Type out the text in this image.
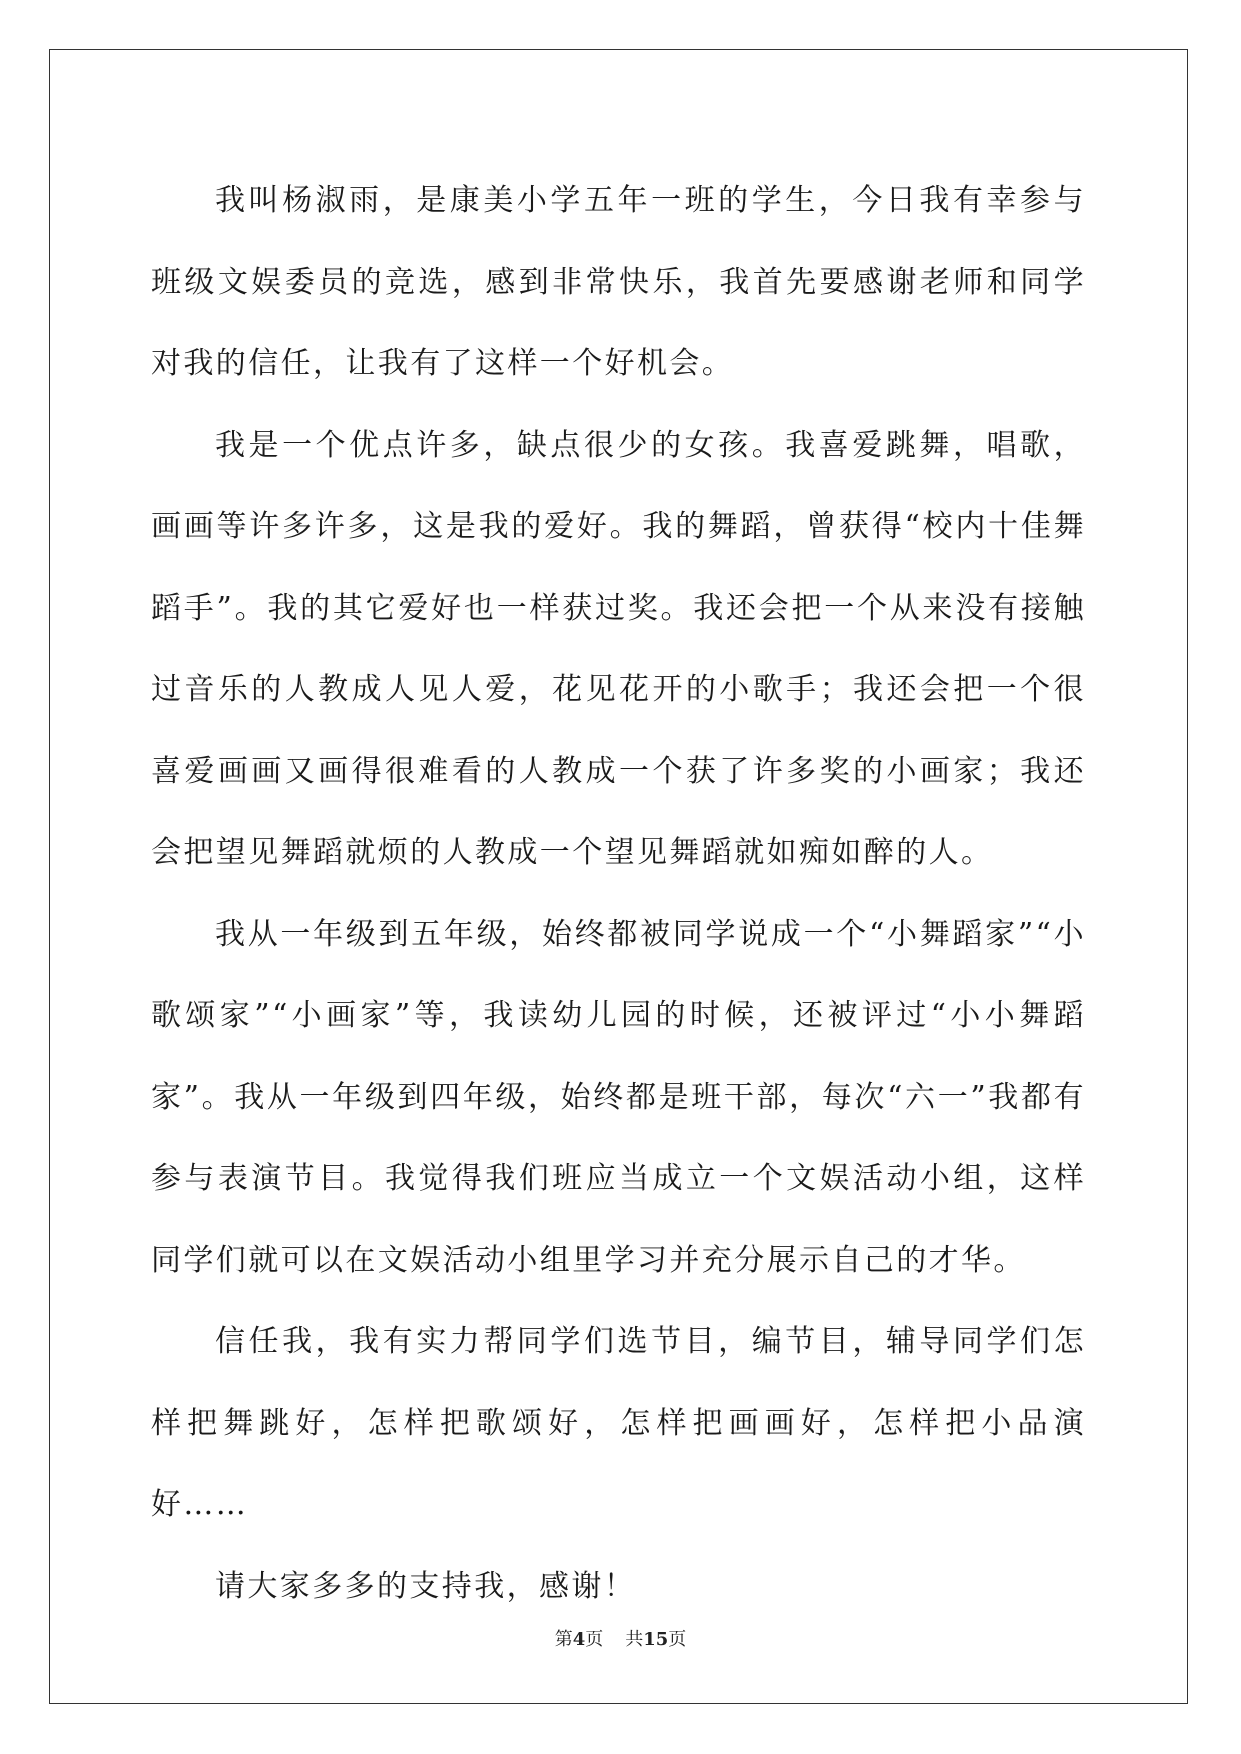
我叫杨淑雨，是康美小学五年一班的学生，今日我有幸参与班级文娱委员的竞选，感到非常快乐，我首先要感谢老师和同学对我的信任，让我有了这样一个好机会。

我是一个优点许多，缺点很少的女孩。我喜爱跳舞，唱歌，画画等许多许多，这是我的爱好。我的舞蹈，曾获得“校内十佳舞蹈手”。我的其它爱好也一样获过奖。我还会把一个从来没有接触过音乐的人教成人见人爱，花见花开的小歌手；我还会把一个很喜爱画画又画得很难看的人教成一个获了许多奖的小画家；我还会把望见舞蹈就烦的人教成一个望见舞蹈就如痴如醉的人。

我从一年级到五年级，始终都被同学说成一个“小舞蹈家”“小歌颂家”“小画家”等，我读幼儿园的时候，还被评过“小小舞蹈家”。我从一年级到四年级，始终都是班干部，每次“六一”我都有参与表演节目。我觉得我们班应当成立一个文娱活动小组，这样同学们就可以在文娱活动小组里学习并充分展示自己的才华。

信任我，我有实力帮同学们选节目，编节目，辅导同学们怎样把舞跳好，怎样把歌颂好，怎样把画画好，怎样把小品演好……

请大家多多的支持我，感谢！

第4页 共15页
